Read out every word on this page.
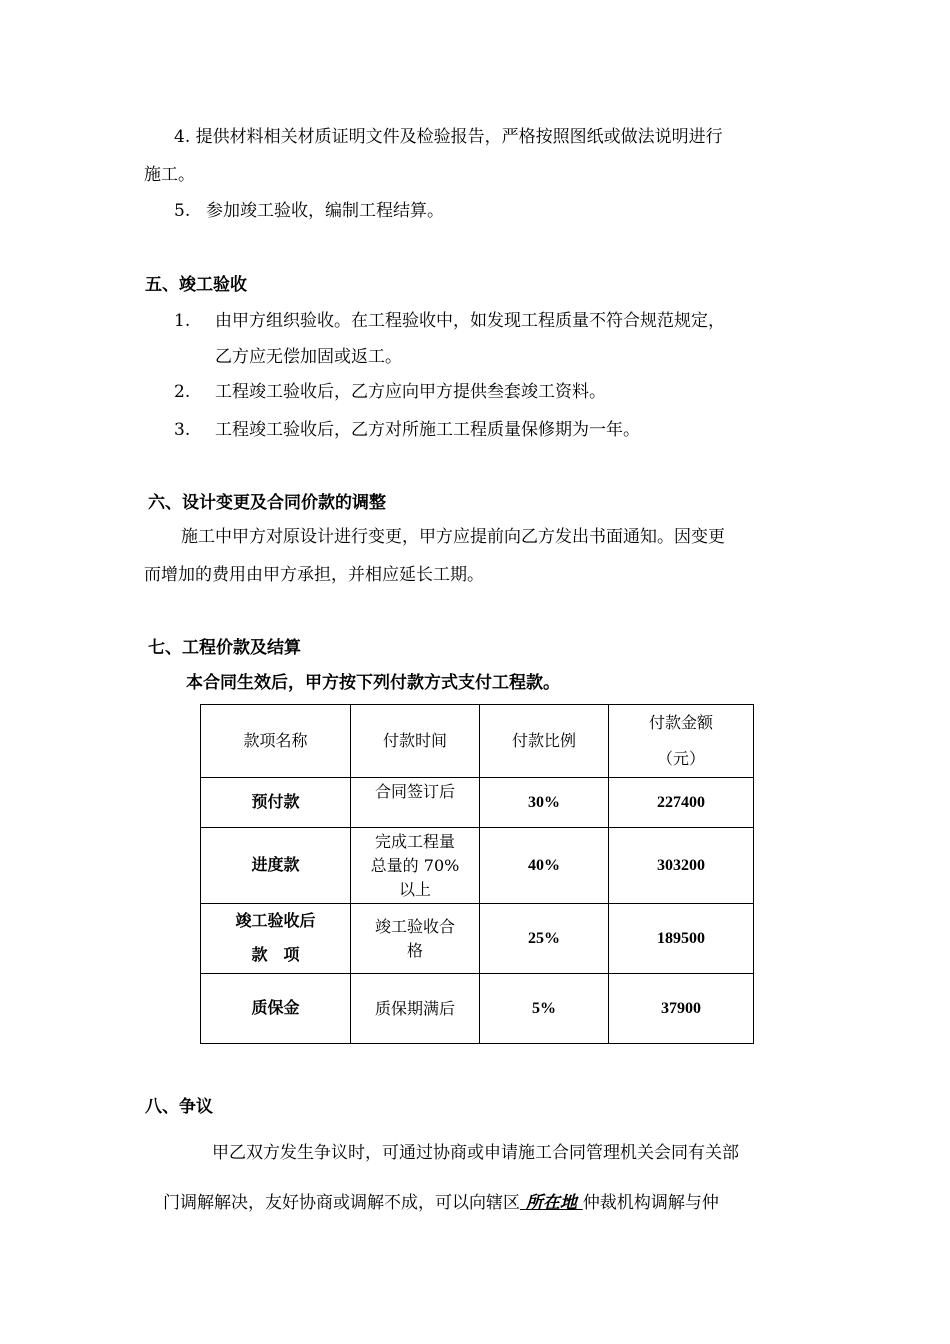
4. 提供材料相关材质证明文件及检验报告，严格按照图纸或做法说明进行
施工。
5. 参加竣工验收，编制工程结算。
五、竣工验收
1. 由甲方组织验收。在工程验收中，如发现工程质量不符合规范规定，
乙方应无偿加固或返工。
2. 工程竣工验收后，乙方应向甲方提供叁套竣工资料。
3. 工程竣工验收后，乙方对所施工工程质量保修期为一年。
六、设计变更及合同价款的调整
施工中甲方对原设计进行变更，甲方应提前向乙方发出书面通知。因变更
而增加的费用由甲方承担，并相应延长工期。
七、工程价款及结算
本合同生效后，甲方按下列付款方式支付工程款。
款项名称	付款时间	付款比例	付款金额
（元）
预付款	合同签订后	30%	227400
进度款	完成工程量
总量的 70%
以上	40%	303200
竣工验收后
款　项	竣工验收合
格	25%	189500
质保金	质保期满后	5%	37900
八、争议
甲乙双方发生争议时，可通过协商或申请施工合同管理机关会同有关部
门调解解决，友好协商或调解不成，可以向辖区 所在地 仲裁机构调解与仲
